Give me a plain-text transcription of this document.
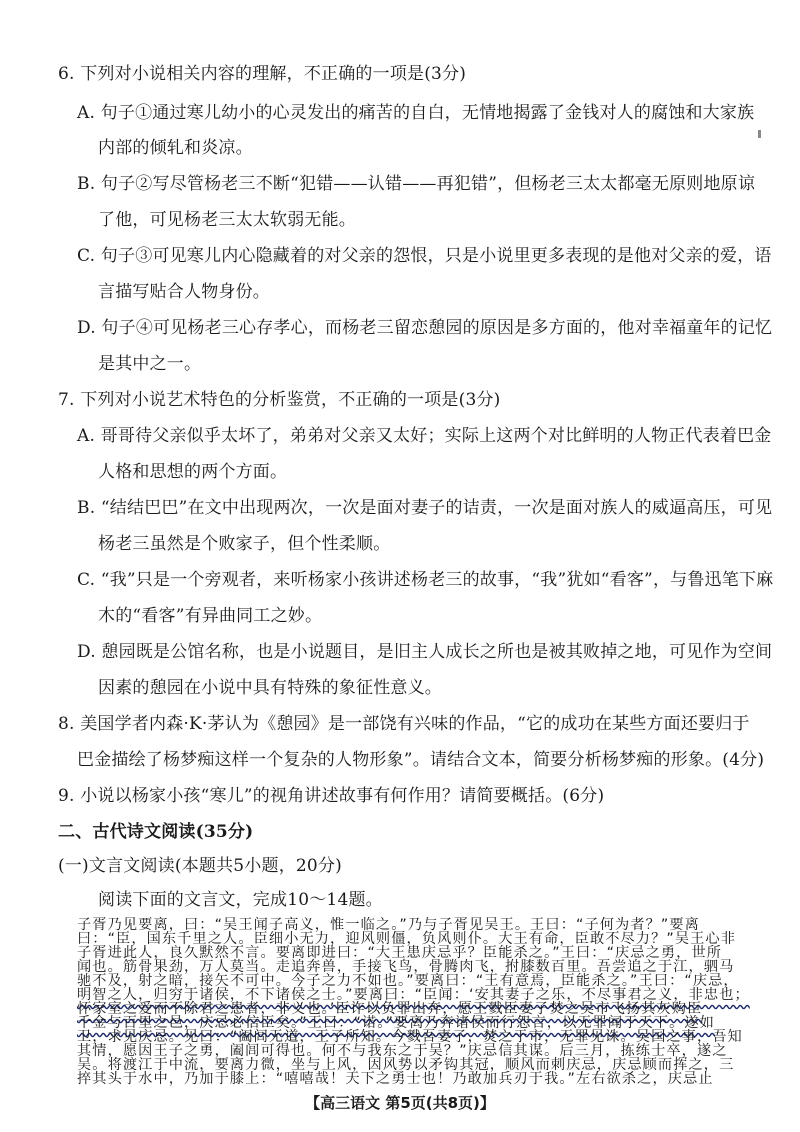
6. 下列对小说相关内容的理解，不正确的一项是(3分)
A. 句子①通过寒儿幼小的心灵发出的痛苦的自白，无情地揭露了金钱对人的腐蚀和大家族
内部的倾轧和炎凉。
B. 句子②写尽管杨老三不断“犯错——认错——再犯错”，但杨老三太太都毫无原则地原谅
了他，可见杨老三太太软弱无能。
C. 句子③可见寒儿内心隐藏着的对父亲的怨恨，只是小说里更多表现的是他对父亲的爱，语
言描写贴合人物身份。
D. 句子④可见杨老三心存孝心，而杨老三留恋憩园的原因是多方面的，他对幸福童年的记忆
是其中之一。
7. 下列对小说艺术特色的分析鉴赏，不正确的一项是(3分)
A. 哥哥待父亲似乎太坏了，弟弟对父亲又太好；实际上这两个对比鲜明的人物正代表着巴金
人格和思想的两个方面。
B. “结结巴巴”在文中出现两次，一次是面对妻子的诘责，一次是面对族人的威逼高压，可见
杨老三虽然是个败家子，但个性柔顺。
C. “我”只是一个旁观者，来听杨家小孩讲述杨老三的故事，“我”犹如“看客”，与鲁迅笔下麻
木的“看客”有异曲同工之妙。
D. 憩园既是公馆名称，也是小说题目，是旧主人成长之所也是被其败掉之地，可见作为空间
因素的憩园在小说中具有特殊的象征性意义。
8. 美国学者内森·K·茅认为《憩园》是一部饶有兴味的作品，“它的成功在某些方面还要归于
巴金描绘了杨梦痴这样一个复杂的人物形象”。请结合文本，简要分析杨梦痴的形象。(4分)
9. 小说以杨家小孩“寒儿”的视角讲述故事有何作用？请简要概括。(6分)
二、古代诗文阅读(35分)
(一)文言文阅读(本题共5小题，20分)
阅读下面的文言文，完成10～14题。
子胥乃见要离，曰：“吴王闻子高义，惟一临之。”乃与子胥见吴王。王曰：“子何为者？”要离
曰：“臣，国东千里之人。臣细小无力，迎风则僵，负风则仆。大王有命，臣敢不尽力？”吴王心非
子胥进此人，良久默然不言。要离即进曰：“大王患庆忌乎？臣能杀之。”王曰：“庆忌之勇，世所
闻也。筋骨果劲，万人莫当。走追奔兽，手接飞鸟，骨腾肉飞，拊膝数百里。吾尝追之于江，驷马
驰不及，射之暗，接矢不可中。今子之力不如也。”要离曰：“王有意焉，臣能杀之。”王曰：“庆忌，
明智之人，归穷于诸侯，不下诸侯之士。”要离曰：“臣闻：‘安其妻子之乐，不尽事君之义，非忠也；
怀家室之爱而不除君之患者，非义也。’臣诈以负罪出奔，愿王戮臣妻子焚之吴市飞扬其灰购臣
千金与百里之邑，庆忌必信臣矣。”王曰：“诺。”要离乃奔诸侯而行怨言，以无罪闻于天下。遂如
卫，求见庆忌。见曰：“阖闾无道，王子所知。今戮吾妻子，焚之于市，无罪见诛。吴国之事，吾知
其情，愿因王子之勇，阖闾可得也。何不与我东之于吴？”庆忌信其谋。后三月，拣练士卒，遂之
吴。将渡江于中流，要离力微，坐与上风，因风势以矛钩其冠，顺风而刺庆忌，庆忌顾而挥之，三
捽其头于水中，乃加于膝上：“嘻嘻哉！天下之勇士也！乃敢加兵刃于我。”左右欲杀之，庆忌止
【高三语文 第5页(共8页)】
